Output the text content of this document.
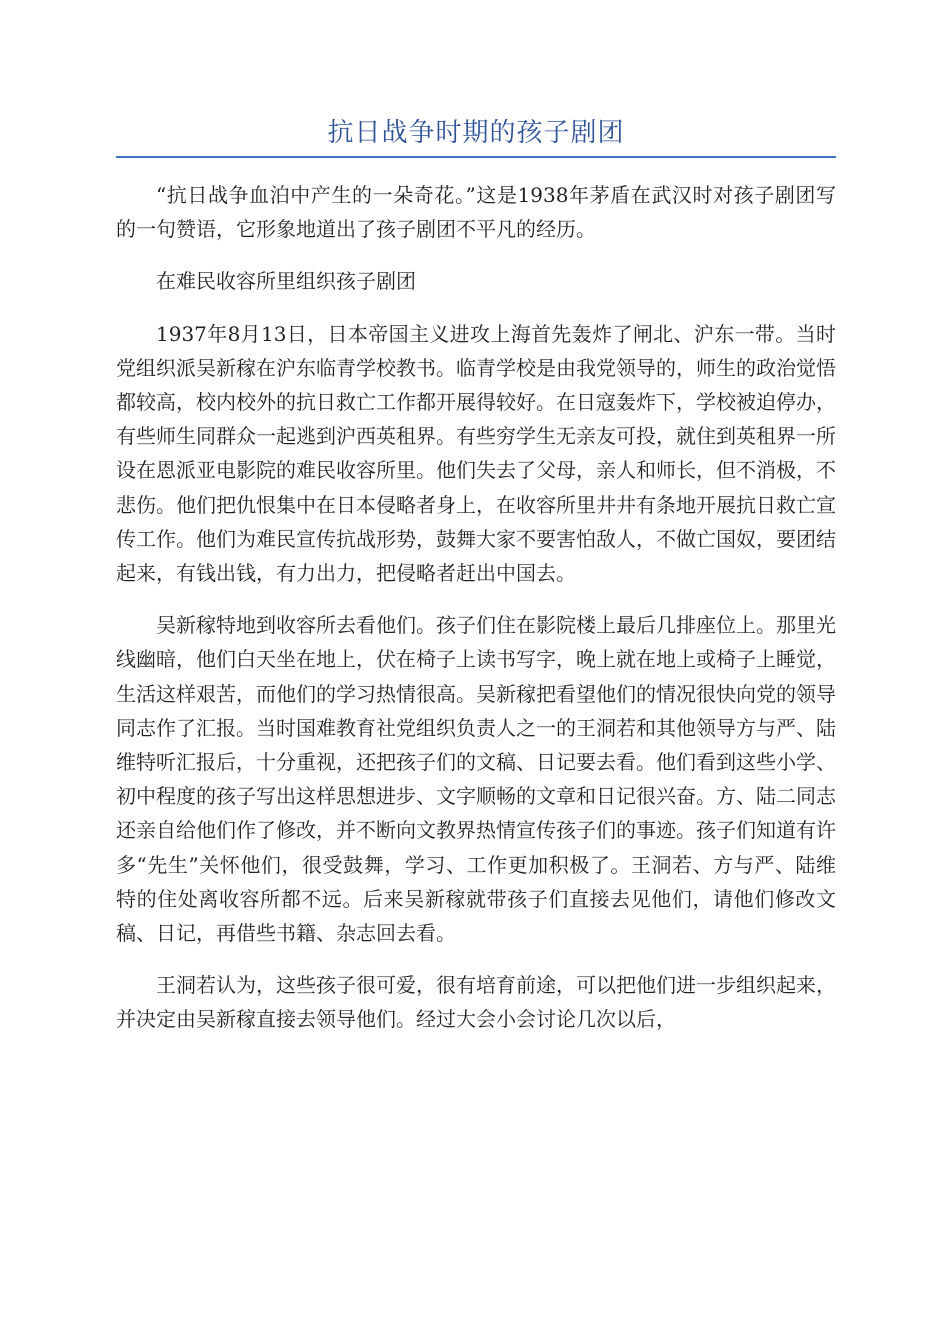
抗日战争时期的孩子剧团

“抗日战争血泊中产生的一朵奇花。”这是1938年茅盾在武汉时对孩子剧团写的一句赞语，它形象地道出了孩子剧团不平凡的经历。

在难民收容所里组织孩子剧团

1937年8月13日，日本帝国主义进攻上海首先轰炸了闸北、沪东一带。当时党组织派吴新稼在沪东临青学校教书。临青学校是由我党领导的，师生的政治觉悟都较高，校内校外的抗日救亡工作都开展得较好。在日寇轰炸下，学校被迫停办，有些师生同群众一起逃到沪西英租界。有些穷学生无亲友可投，就住到英租界一所设在恩派亚电影院的难民收容所里。他们失去了父母，亲人和师长，但不消极，不悲伤。他们把仇恨集中在日本侵略者身上，在收容所里井井有条地开展抗日救亡宣传工作。他们为难民宣传抗战形势，鼓舞大家不要害怕敌人，不做亡国奴，要团结起来，有钱出钱，有力出力，把侵略者赶出中国去。

吴新稼特地到收容所去看他们。孩子们住在影院楼上最后几排座位上。那里光线幽暗，他们白天坐在地上，伏在椅子上读书写字，晚上就在地上或椅子上睡觉，生活这样艰苦，而他们的学习热情很高。吴新稼把看望他们的情况很快向党的领导同志作了汇报。当时国难教育社党组织负责人之一的王洞若和其他领导方与严、陆维特听汇报后，十分重视，还把孩子们的文稿、日记要去看。他们看到这些小学、初中程度的孩子写出这样思想进步、文字顺畅的文章和日记很兴奋。方、陆二同志还亲自给他们作了修改，并不断向文教界热情宣传孩子们的事迹。孩子们知道有许多“先生”关怀他们，很受鼓舞，学习、工作更加积极了。王洞若、方与严、陆维特的住处离收容所都不远。后来吴新稼就带孩子们直接去见他们，请他们修改文稿、日记，再借些书籍、杂志回去看。

王洞若认为，这些孩子很可爱，很有培育前途，可以把他们进一步组织起来，并决定由吴新稼直接去领导他们。经过大会小会讨论几次以后，
